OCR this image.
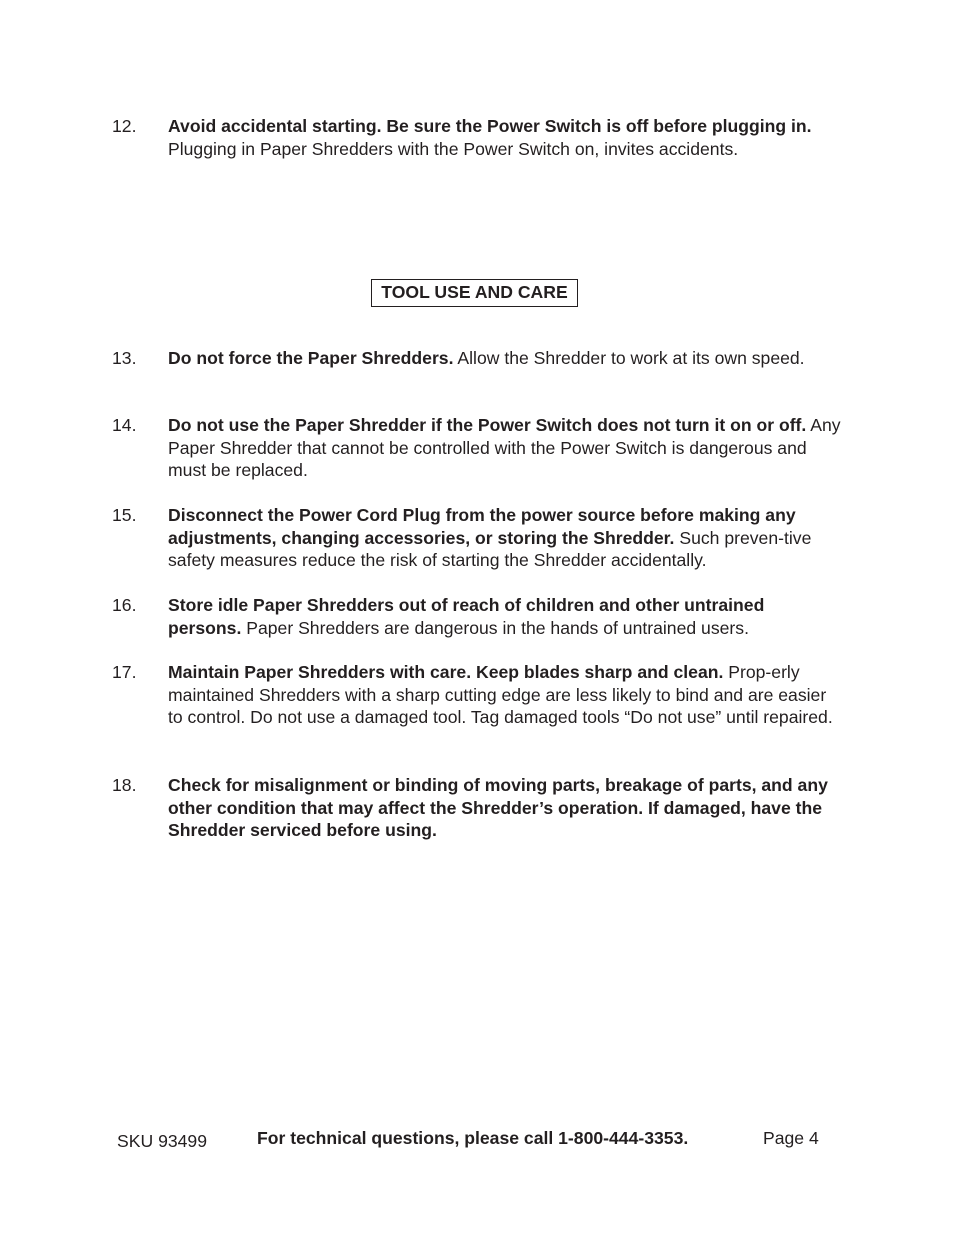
12. Avoid accidental starting. Be sure the Power Switch is off before plugging in. Plugging in Paper Shredders with the Power Switch on, invites accidents.
TOOL USE AND CARE
13. Do not force the Paper Shredders. Allow the Shredder to work at its own speed.
14. Do not use the Paper Shredder if the Power Switch does not turn it on or off. Any Paper Shredder that cannot be controlled with the Power Switch is dangerous and must be replaced.
15. Disconnect the Power Cord Plug from the power source before making any adjustments, changing accessories, or storing the Shredder. Such preven-tive safety measures reduce the risk of starting the Shredder accidentally.
16. Store idle Paper Shredders out of reach of children and other untrained persons. Paper Shredders are dangerous in the hands of untrained users.
17. Maintain Paper Shredders with care. Keep blades sharp and clean. Prop-erly maintained Shredders with a sharp cutting edge are less likely to bind and are easier to control. Do not use a damaged tool. Tag damaged tools “Do not use” until repaired.
18. Check for misalignment or binding of moving parts, breakage of parts, and any other condition that may affect the Shredder’s operation. If damaged, have the Shredder serviced before using.
SKU 93499	For technical questions, please call 1-800-444-3353.	Page 4
